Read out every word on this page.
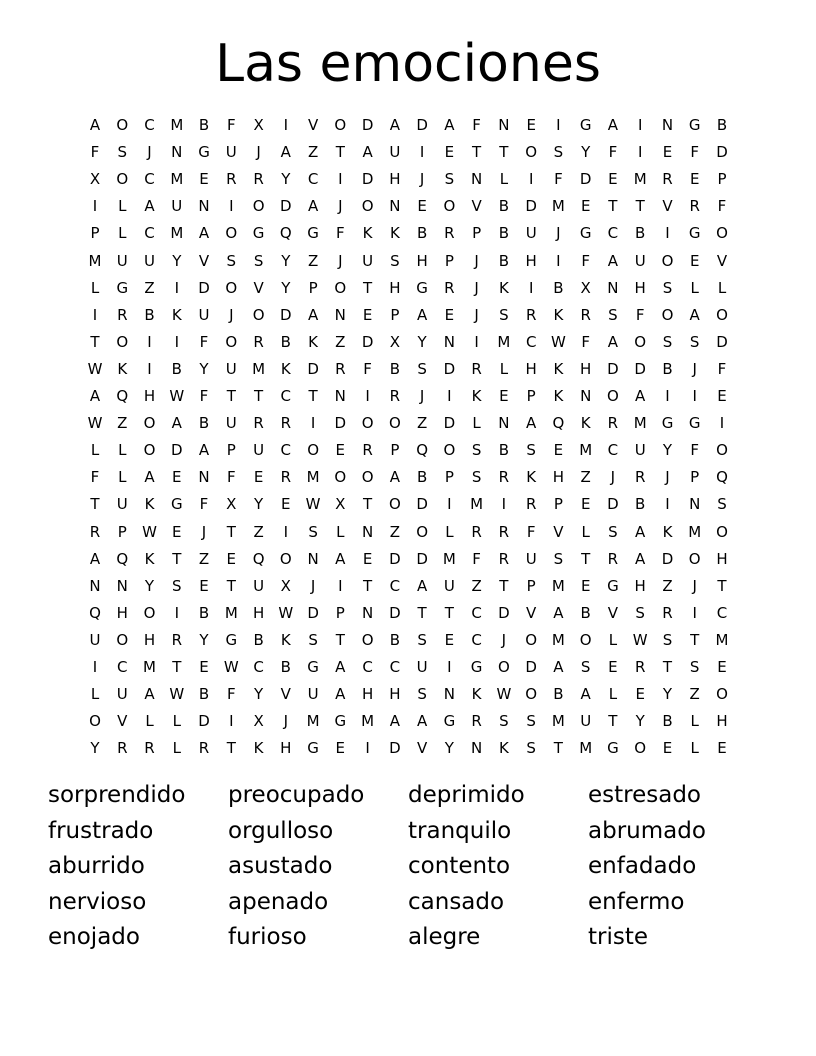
Las emociones
A	O	C	M	B	F	X	I	V	O D	A	D	A	F	N	E	I	G	A	I	N G	B
F	S	J	N G	U	J	A	Z	T	A	U	I	E	T	T	O	S	Y	F	I	E	F	D
X	O	C	M	E	R	R	Y	C	I	D H	J	S	N	L	I	F	D	E	M	R	E	P
I	L	A	U	N	I	O D	A	J	O N	E	O	V	B	D M	E	T	T	V	R	F
P	L	C	M	A	O G Q G	F	K	K	B	R	P	B	U	J	G	C	B	I	G O
M	U	U	Y	V	S	S	Y	Z	J	U	S	H	P	J	B	H	I	F	A	U	O	E	V
L	G	Z	I	D O	V	Y	P	O	T	H G	R	J	K	I	B	X	N H	S	L	L
I	R	B	K	U	J	O D	A	N	E	P	A	E	J	S	R	K	R	S	F	O	A	O
T	O	I	I	F	O	R	B	K	Z	D	X	Y	N	I	M	C W	F	A	O	S	S	D
W K	I	B	Y	U	M	K	D	R	F	B	S	D	R	L	H	K	H D D	B	J	F
A	Q H W	F	T	T	C	T	N	I	R	J	I	K	E	P	K	N O	A	I	I	E
W Z	O	A	B	U	R	R	I	D O O	Z	D	L	N	A	Q	K	R	M G G	I
L	L	O D	A	P	U	C	O	E	R	P	Q O	S	B	S	E	M	C	U	Y	F	O
F	L	A	E	N	F	E	R	M O O	A	B	P	S	R	K	H	Z	J	R	J	P	Q
T	U	K	G	F	X	Y	E	W X	T	O D	I	M	I	R	P	E	D	B	I	N	S
R	P	W	E	J	T	Z	I	S	L	N	Z	O	L	R	R	F	V	L	S	A	K	M O
A	Q	K	T	Z	E	Q O N	A	E	D D M	F	R	U	S	T	R	A	D O H
N N	Y	S	E	T	U	X	J	I	T	C	A	U	Z	T	P	M	E	G H	Z	J	T
Q H O	I	B	M H W D	P	N D	T	T	C	D	V	A	B	V	S	R	I	C
U	O H	R	Y	G	B	K	S	T	O	B	S	E	C	J	O M O	L	W	S	T	M
I	C	M	T	E	W C	B	G	A	C	C	U	I	G O D	A	S	E	R	T	S	E
L	U	A W B	F	Y	V	U	A	H H	S	N	K W O	B	A	L	E	Y	Z	O
O	V	L	L	D	I	X	J	M G M	A	A	G	R	S	S	M	U	T	Y	B	L	H
Y	R	R	L	R	T	K	H G	E	I	D	V	Y	N	K	S	T	M G O	E	L	E
sorprendido preocupado deprimido	estresado
frustrado	orgulloso	tranquilo	abrumado
aburrido	asustado	contento	enfadado
nervioso	apenado	cansado	enfermo
enojado	furioso	alegre	triste
